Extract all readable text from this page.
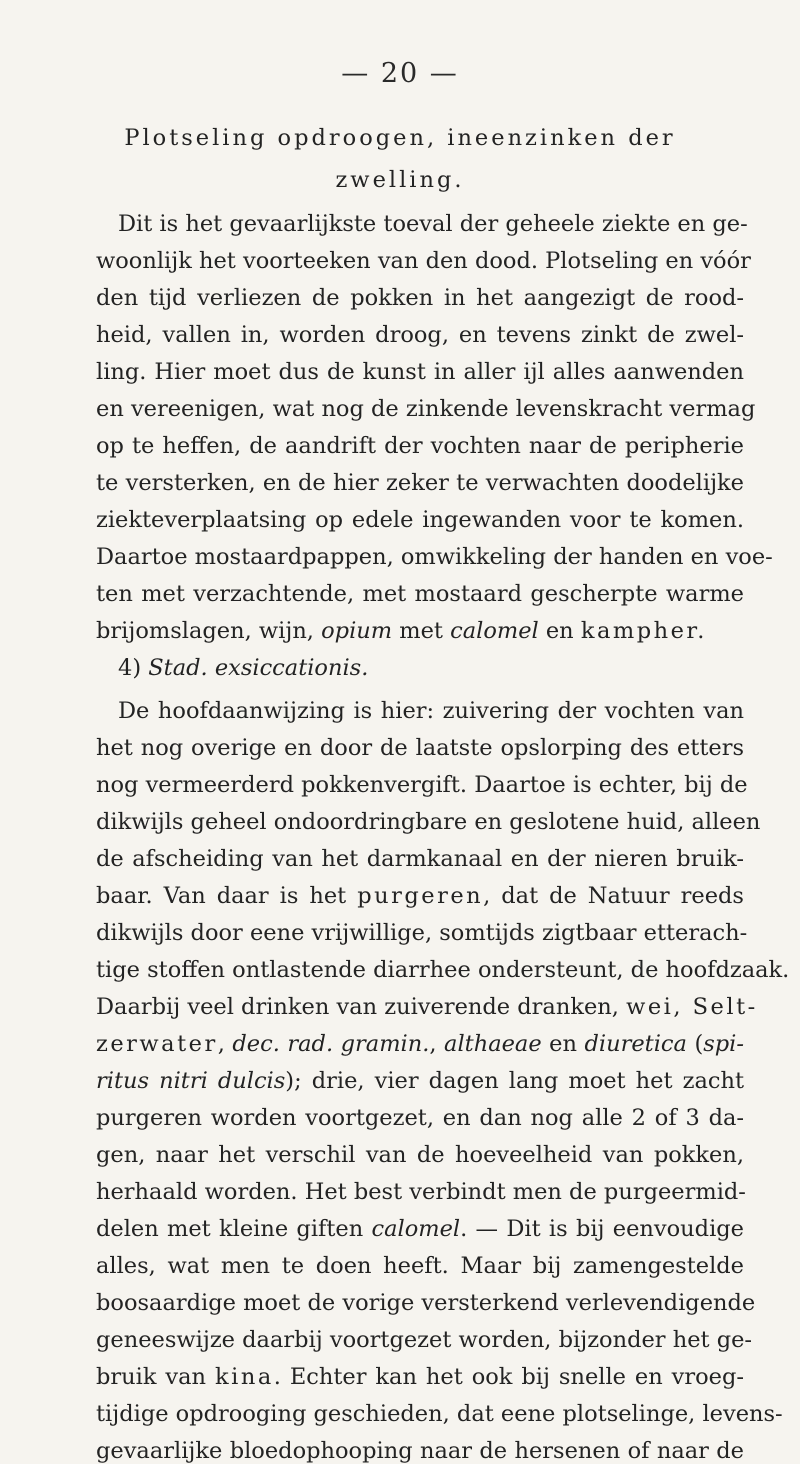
— 20 —
Plotseling opdroogen, ineenzinken der
zwelling.
Dit is het gevaarlijkste toeval der geheele ziekte en ge-
woonlijk het voorteeken van den dood. Plotseling en vóór
den tijd verliezen de pokken in het aangezigt de rood-
heid, vallen in, worden droog, en tevens zinkt de zwel-
ling. Hier moet dus de kunst in aller ijl alles aanwenden
en vereenigen, wat nog de zinkende levenskracht vermag
op te heffen, de aandrift der vochten naar de peripherie
te versterken, en de hier zeker te verwachten doodelijke
ziekteverplaatsing op edele ingewanden voor te komen.
Daartoe mostaardpappen, omwikkeling der handen en voe-
ten met verzachtende, met mostaard gescherpte warme
brijomslagen, wijn, opium met calomel en kampher.
4) Stad. exsiccationis.
De hoofdaanwijzing is hier: zuivering der vochten van
het nog overige en door de laatste opslorping des etters
nog vermeerderd pokkenvergift. Daartoe is echter, bij de
dikwijls geheel ondoordringbare en geslotene huid, alleen
de afscheiding van het darmkanaal en der nieren bruik-
baar. Van daar is het purgeren, dat de Natuur reeds
dikwijls door eene vrijwillige, somtijds zigtbaar etterach-
tige stoffen ontlastende diarrhee ondersteunt, de hoofdzaak.
Daarbij veel drinken van zuiverende dranken, wei, Selt-
zerwater, dec. rad. gramin., althaeae en diuretica (spi-
ritus nitri dulcis); drie, vier dagen lang moet het zacht
purgeren worden voortgezet, en dan nog alle 2 of 3 da-
gen, naar het verschil van de hoeveelheid van pokken,
herhaald worden. Het best verbindt men de purgeermid-
delen met kleine giften calomel. — Dit is bij eenvoudige
alles, wat men te doen heeft. Maar bij zamengestelde
boosaardige moet de vorige versterkend verlevendigende
geneeswijze daarbij voortgezet worden, bijzonder het ge-
bruik van kina. Echter kan het ook bij snelle en vroeg-
tijdige opdrooging geschieden, dat eene plotselinge, levens-
gevaarlijke bloedophooping naar de hersenen of naar de
